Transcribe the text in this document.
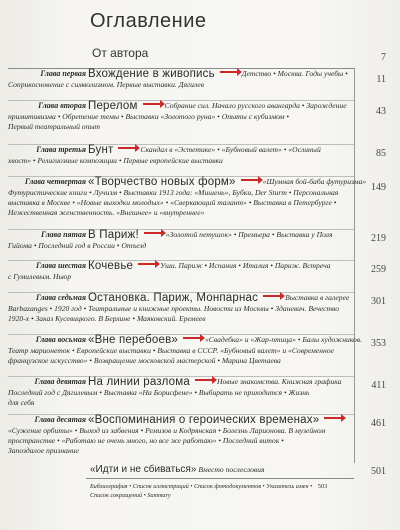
Оглавление
От автора	7
Глава первая Вхождение в живопись	Детство • Москва. Годы учебы •
Соприкосновение с символизмом. Первые выставки. Дягилев	11
Глава вторая Перелом	Собрание сил. Начало русского авангарда • Зарождение
примитивизма • Обретение темы • Выставки «Золотого руна» • Опыты с кубизмом •
Первый театральный опыт
43
Глава третья Бунт	Скандал в «Эстетике» • «Бубновый валет» • «Ослиный
хвост» • Религиозные композиции • Первые европейские выставки
85
Глава четвертая «Творчество новых форм»	«Шумная бой-баба футуризма»
Футуристические книги • Лучизм • Выставки 1913 года: «Мишень», Бубки, Der Sturm • Персональная
выставка в Москве • «Новые выходки молодых» • «Сверкающий талант» • Выставка в Петербурге •
Нежественная женственность. «Внешнее» и «внутреннее»
149
Глава пятая В Париж!	«Золотой петушок» • Премьера • Выставка у Поля
Гийома • Последний год в России • Отъезд
219
Глава шестая Кочевье	Уши. Париж • Испания • Италия • Париж. Встреча
с Гумилевым. Ньюр
259
Глава седьмая Остановка. Париж, Монпарнас	Выставка в галерее
Barbazanges • 1920 год • Театральные и книжные проекты. Новости из Москвы • Зданевич. Вечество
1920-х • Заказ Кусевицкого. В Берлине • Маяковский. Еремеев
301
Глава восьмая «Вне перебоев»	«Свадебка» и «Жар-птица» • Балы художников.
Театр марионеток • Европейские выставки • Выставка в СССР. «Бубновый валет» и «Современное
французское искусство» • Возвращение московской мастерской • Марина Цветаева
353
Глава девятая На линии разлома	Новые знакомства. Книжная графика
Последний год с Дягилевым • Выставка «На Борисфене» • Выбирать не приходится • Жизнь
для себя
411
Глава десятая «Воспоминания о героических временах»
«Сужение орбиты» • Выход из забвения • Ремизов и Кодрянская • Болезнь Ларионова. В музейном
пространстве • «Работаю не очень много, но все же работаю» • Последний виток •
Запоздалое признание
461
«Идти и не сбиваться» Вместо послесловия	501
Библиография • Список иллюстраций • Список фотодокументов • Указатель имен • 503
Список сокращений • Summary
